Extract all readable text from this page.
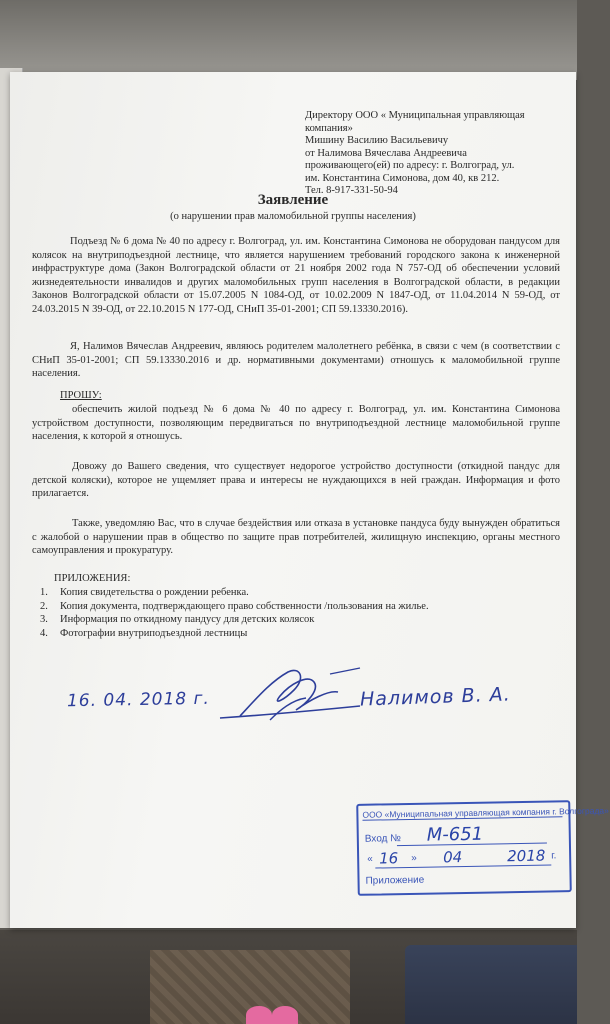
Директору ООО « Муниципальная управляющая
компания»
Мишину Василию Васильевичу
от Налимова Вячеслава Андреевича
проживающего(ей) по адресу: г. Волгоград, ул.
им. Константина Симонова, дом 40, кв 212.
Тел. 8-917-331-50-94
Заявление
(о нарушении прав маломобильной группы населения)

Подъезд № 6 дома № 40 по адресу г. Волгоград, ул. им. Константина Симонова не оборудован пандусом для колясок на внутриподъездной лестнице, что является нарушением требований городского закона к инженерной инфраструктуре дома (Закон Волгоградской области от 21 ноября 2002 года N 757-ОД об обеспечении условий жизнедеятельности инвалидов и других маломобильных групп населения в Волгоградской области, в редакции Законов Волгоградской области от 15.07.2005 N 1084-ОД, от 10.02.2009 N 1847-ОД, от 11.04.2014 N 59-ОД, от 24.03.2015 N 39-ОД, от 22.10.2015 N 177-ОД, СНиП 35-01-2001; СП 59.13330.2016).

Я, Налимов Вячеслав Андреевич, являюсь родителем малолетнего ребёнка, в связи с чем (в соответствии с СНиП 35-01-2001; СП 59.13330.2016 и др. нормативными документами) отношусь к маломобильной группе населения.

ПРОШУ:

обеспечить жилой подъезд № 6 дома № 40 по адресу г. Волгоград, ул. им. Константина Симонова устройством доступности, позволяющим передвигаться по внутриподъездной лестнице маломобильной группе населения, к которой я отношусь.

Довожу до Вашего сведения, что существует недорогое устройство доступности (откидной пандус для детской коляски), которое не ущемляет права и интересы не нуждающихся в ней граждан. Информация и фото прилагается.

Также, уведомляю Вас, что в случае бездействия или отказа в установке пандуса буду вынужден обратиться с жалобой о нарушении прав в общество по защите прав потребителей, жилищную инспекцию, органы местного самоуправления и прокуратуру.

ПРИЛОЖЕНИЯ:

1.	Копия свидетельства о рождении ребенка.
2.	Копия документа, подтверждающего право собственности /пользования на жилье.
3.	Информация по откидному пандусу для детских колясок
4.	Фотографии внутриподъездной лестницы
16. 04. 2018 г.	Налимов В. А.
ООО «Муниципальная управляющая компания г. Волгограда»
Вход № М-651
« 16 » 04	2018 г.
Приложение
